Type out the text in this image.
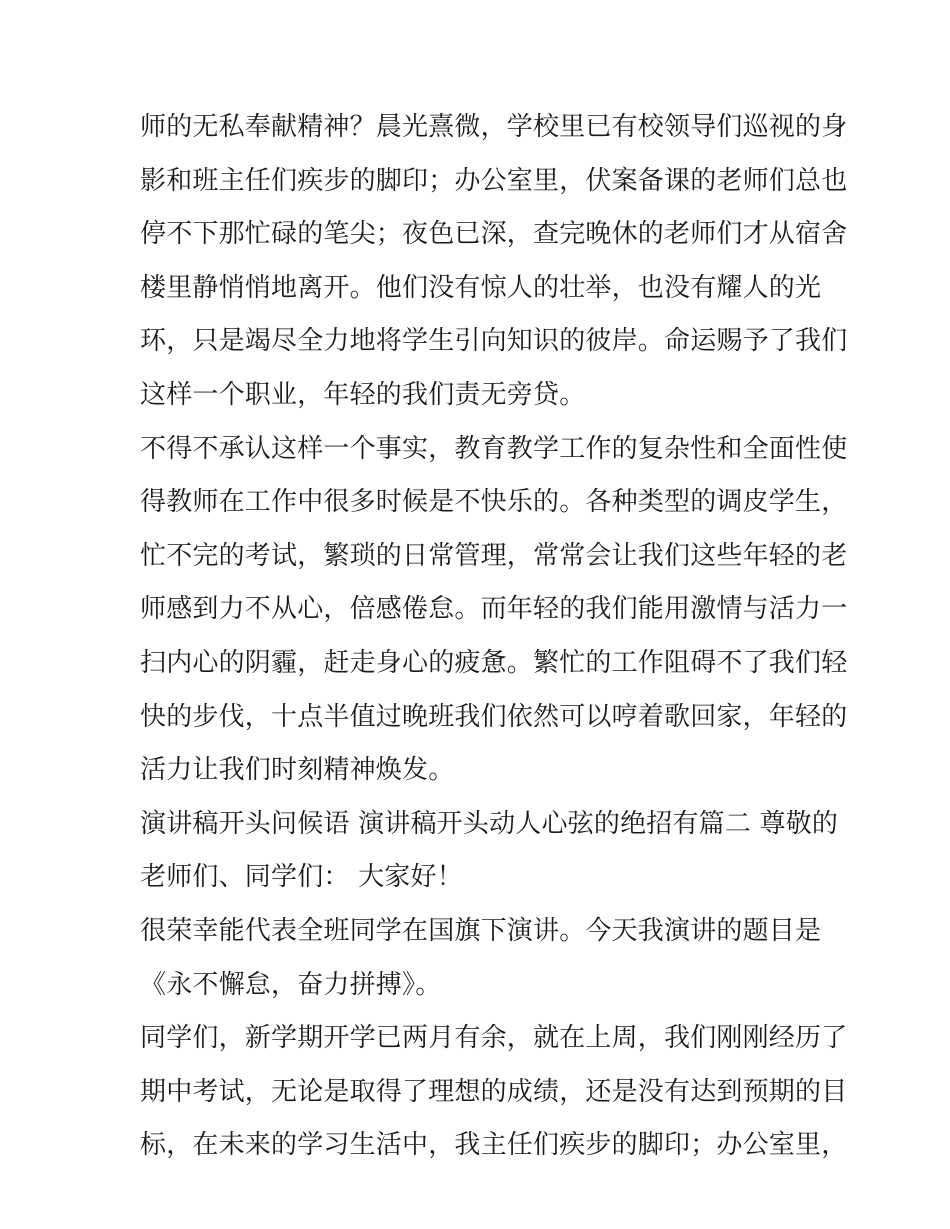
师的无私奉献精神？晨光熹微，学校里已有校领导们巡视的身
影和班主任们疾步的脚印；办公室里，伏案备课的老师们总也
停不下那忙碌的笔尖；夜色已深，查完晚休的老师们才从宿舍
楼里静悄悄地离开。他们没有惊人的壮举，也没有耀人的光
环，只是竭尽全力地将学生引向知识的彼岸。命运赐予了我们
这样一个职业，年轻的我们责无旁贷。
不得不承认这样一个事实，教育教学工作的复杂性和全面性使
得教师在工作中很多时候是不快乐的。各种类型的调皮学生，
忙不完的考试，繁琐的日常管理，常常会让我们这些年轻的老
师感到力不从心，倍感倦怠。而年轻的我们能用激情与活力一
扫内心的阴霾，赶走身心的疲惫。繁忙的工作阻碍不了我们轻
快的步伐，十点半值过晚班我们依然可以哼着歌回家，年轻的
活力让我们时刻精神焕发。
演讲稿开头问候语 演讲稿开头动人心弦的绝招有篇二 尊敬的
老师们、同学们： 大家好！
很荣幸能代表全班同学在国旗下演讲。今天我演讲的题目是
《永不懈怠，奋力拼搏》。
同学们，新学期开学已两月有余，就在上周，我们刚刚经历了
期中考试，无论是取得了理想的成绩，还是没有达到预期的目
标，在未来的学习生活中，我主任们疾步的脚印；办公室里，
